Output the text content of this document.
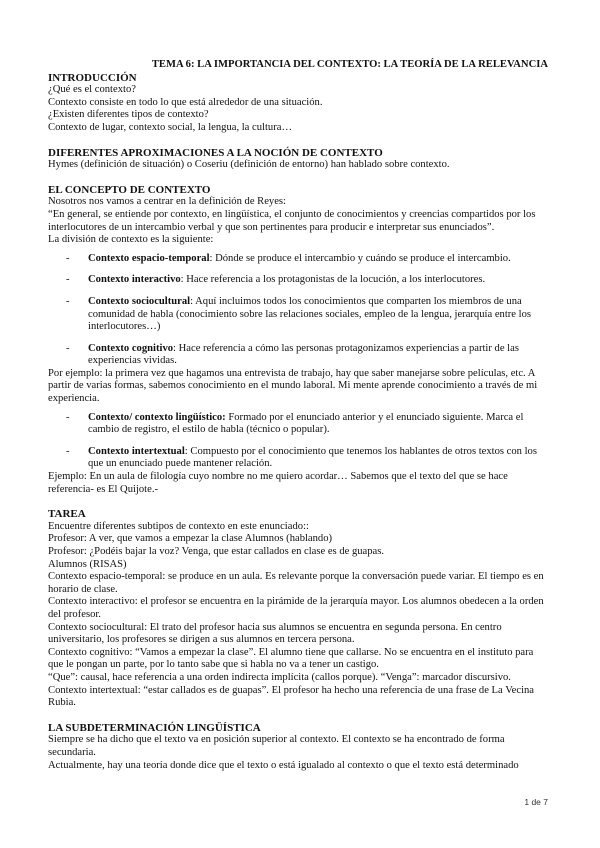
TEMA 6: LA IMPORTANCIA DEL CONTEXTO: LA TEORÍA DE LA RELEVANCIA

INTRODUCCIÓN

¿Qué es el contexto?

Contexto consiste en todo lo que está alrededor de una situación.

¿Existen diferentes tipos de contexto?

Contexto de lugar, contexto social, la lengua, la cultura…

DIFERENTES APROXIMACIONES A LA NOCIÓN DE CONTEXTO

Hymes (definición de situación) o Coseriu (definición de entorno) han hablado sobre contexto.

EL CONCEPTO DE CONTEXTO

Nosotros nos vamos a centrar en la definición de Reyes:

“En general, se entiende por contexto, en lingüística, el conjunto de conocimientos y creencias compartidos por los interlocutores de un intercambio verbal y que son pertinentes para producir e interpretar sus enunciados”.

La división de contexto es la siguiente:

- Contexto espacio-temporal: Dónde se produce el intercambio y cuándo se produce el intercambio.
- Contexto interactivo: Hace referencia a los protagonistas de la locución, a los interlocutores.
- Contexto sociocultural: Aquí incluimos todos los conocimientos que comparten los miembros de una comunidad de habla (conocimiento sobre las relaciones sociales, empleo de la lengua, jerarquía entre los interlocutores…)
- Contexto cognitivo: Hace referencia a cómo las personas protagonizamos experiencias a partir de las experiencias vividas.

Por ejemplo: la primera vez que hagamos una entrevista de trabajo, hay que saber manejarse sobre películas, etc. A partir de varias formas, sabemos conocimiento en el mundo laboral. Mi mente aprende conocimiento a través de mi experiencia.

- Contexto/ contexto lingüístico: Formado por el enunciado anterior y el enunciado siguiente. Marca el cambio de registro, el estilo de habla (técnico o popular).
- Contexto intertextual: Compuesto por el conocimiento que tenemos los hablantes de otros textos con los que un enunciado puede mantener relación.

Ejemplo: En un aula de filología cuyo nombre no me quiero acordar… Sabemos que el texto del que se hace referencia- es El Quijote.-

TAREA

Encuentre diferentes subtipos de contexto en este enunciado::

Profesor: A ver, que vamos a empezar la clase Alumnos (hablando)

Profesor: ¿Podéis bajar la voz? Venga, que estar callados en clase es de guapas.

Alumnos (RISAS)

Contexto espacio-temporal: se produce en un aula. Es relevante porque la conversación puede variar. El tiempo es en horario de clase.

Contexto interactivo: el profesor se encuentra en la pirámide de la jerarquía mayor. Los alumnos obedecen a la orden del profesor.

Contexto sociocultural: El trato del profesor hacia sus alumnos se encuentra en segunda persona. En centro universitario, los profesores se dirigen a sus alumnos en tercera persona.

Contexto cognitivo: “Vamos a empezar la clase”. El alumno tiene que callarse. No se encuentra en el instituto para que le pongan un parte, por lo tanto sabe que si habla no va a tener un castigo.

“Que”: causal, hace referencia a una orden indirecta implícita (callos porque). “Venga”: marcador discursivo.

Contexto intertextual: “estar callados es de guapas”. El profesor ha hecho una referencia de una frase de La Vecina Rubia.

LA SUBDETERMINACIÓN LINGÜÍSTICA

Siempre se ha dicho que el texto va en posición superior al contexto. El contexto se ha encontrado de forma secundaria.

Actualmente, hay una teoría donde dice que el texto o está igualado al contexto o que el texto está determinado

1 de 7
